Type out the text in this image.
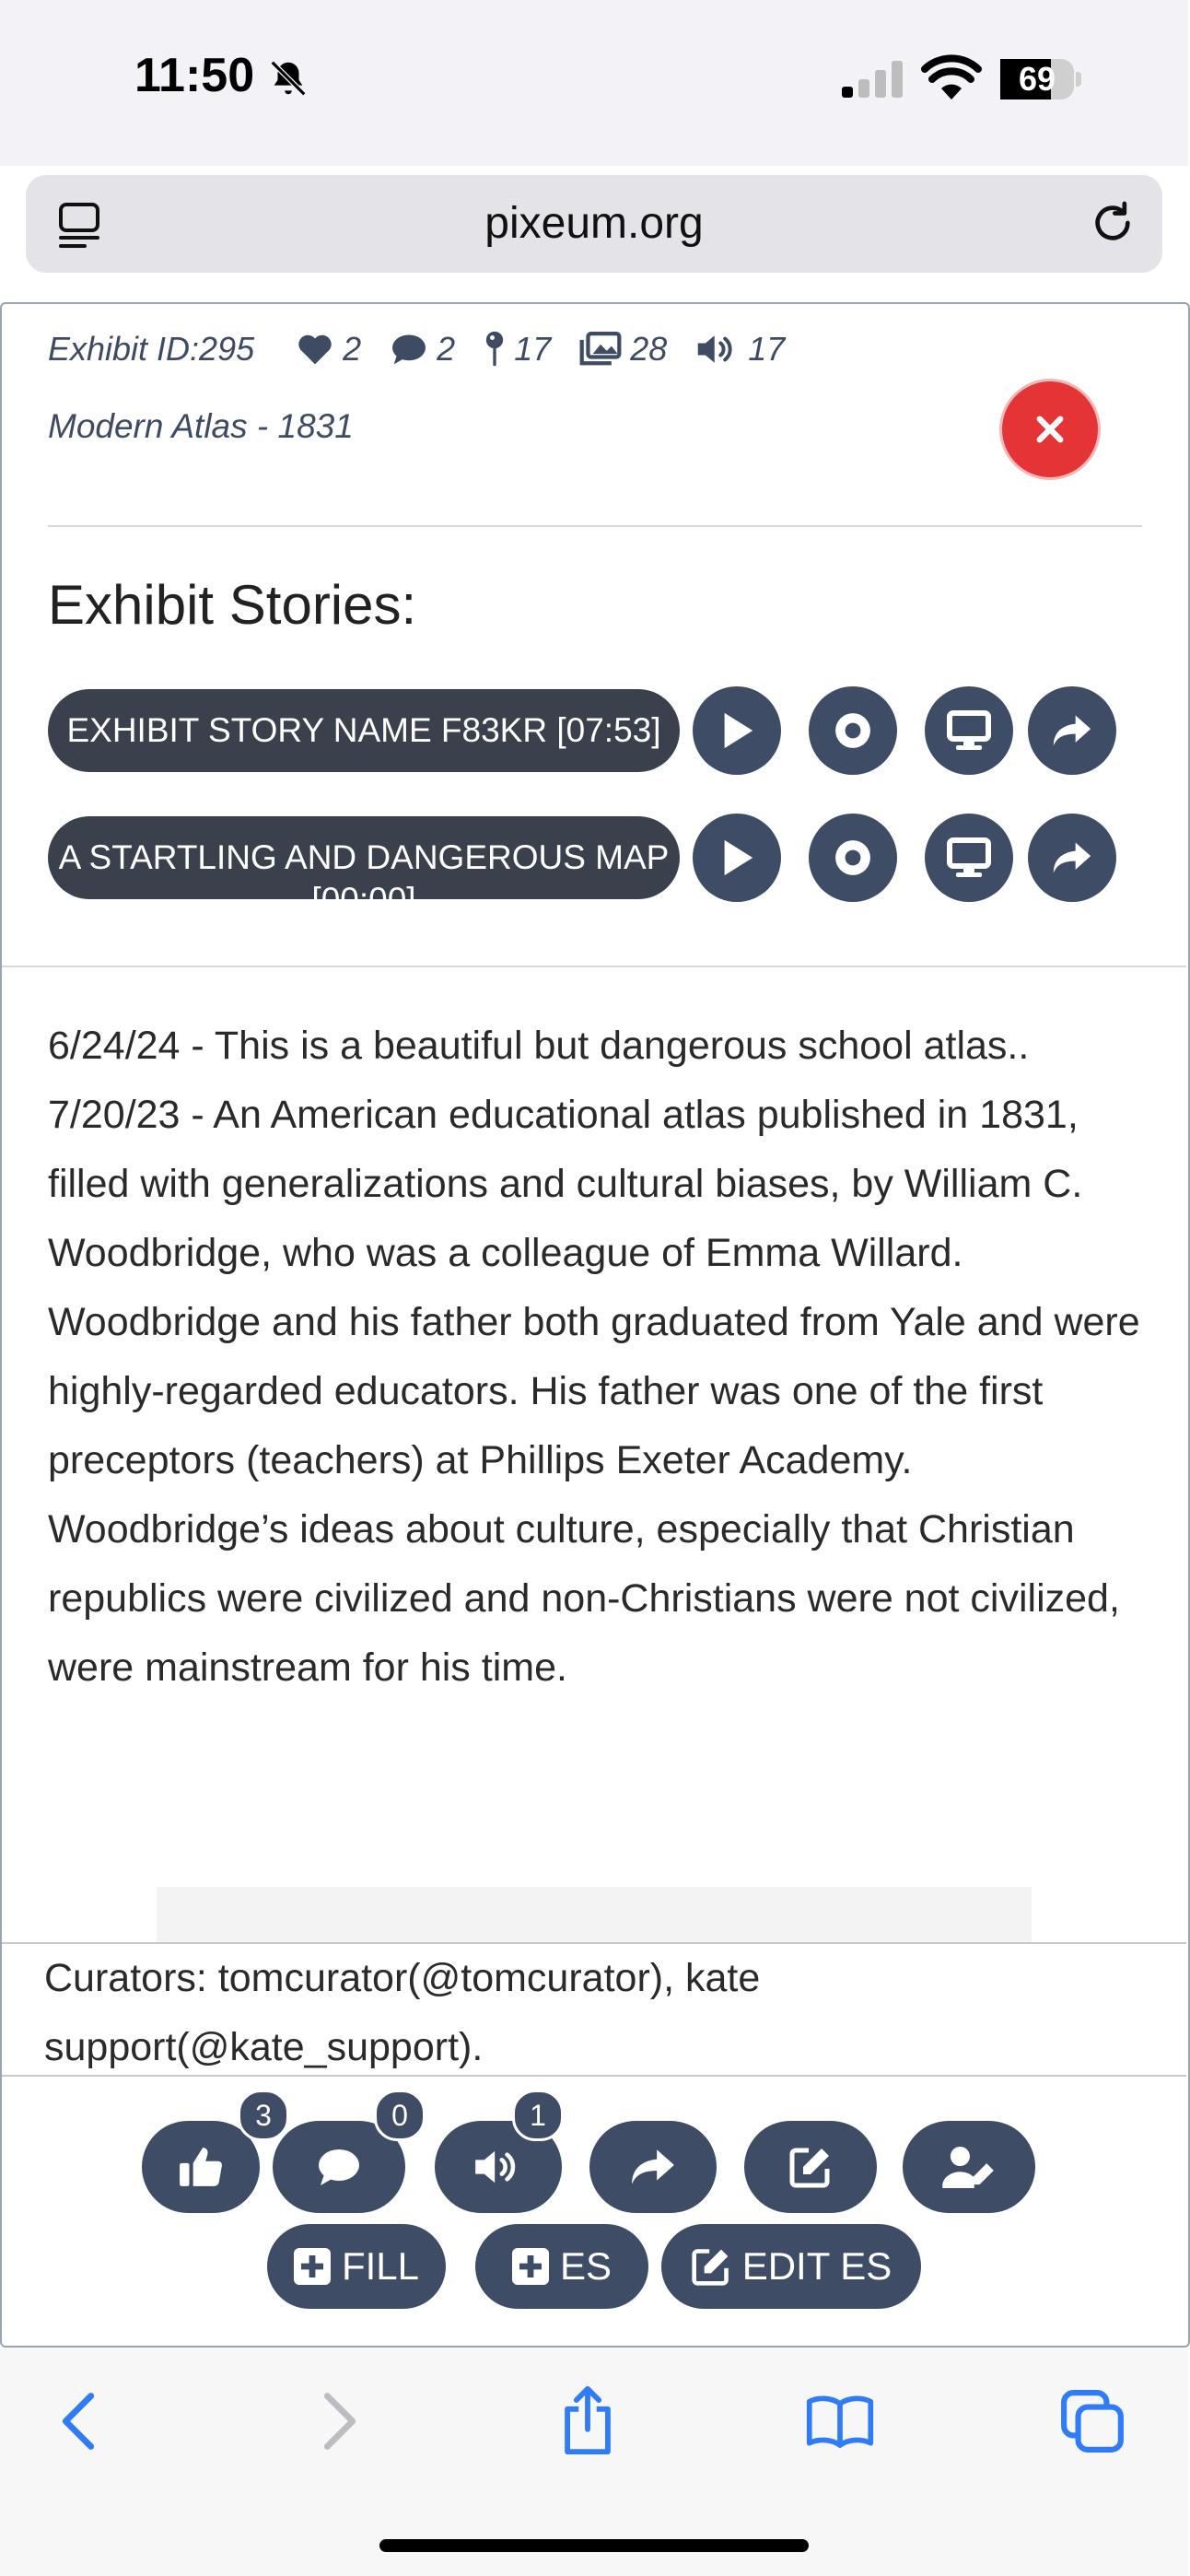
11:50	69
pixeum.org
Exhibit ID:295	2 2 17 28 17
Modern Atlas - 1831
Exhibit Stories:
EXHIBIT STORY NAME F83KR [07:53]
A STARTLING AND DANGEROUS MAP [00:00]
6/24/24 - This is a beautiful but dangerous school atlas..
7/20/23 - An American educational atlas published in 1831, filled with generalizations and cultural biases, by William C. Woodbridge, who was a colleague of Emma Willard. Woodbridge and his father both graduated from Yale and were highly-regarded educators. His father was one of the first preceptors (teachers) at Phillips Exeter Academy. Woodbridge’s ideas about culture, especially that Christian republics were civilized and non-Christians were not civilized, were mainstream for his time.
Curators: tomcurator(@tomcurator), kate support(@kate_support).
3	0	1
FILL	ES	EDIT ES
